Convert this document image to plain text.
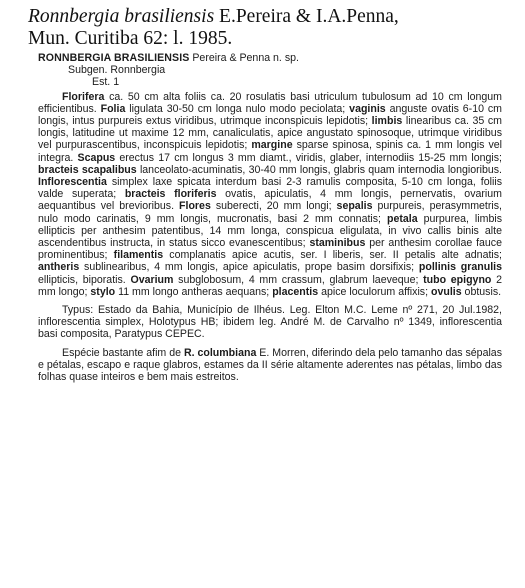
Ronnbergia brasiliensis E.Pereira & I.A.Penna,
Mun. Curitiba 62: l. 1985.
RONNBERGIA BRASILIENSIS Pereira & Penna n. sp.
Subgen. Ronnbergia
Est. 1
Florifera ca. 50 cm alta foliis ca. 20 rosulatis basi utriculum tubulosum ad 10 cm longum efficientibus. Folia ligulata 30-50 cm longa nulo modo peciolata; vaginis anguste ovatis 6-10 cm longis, intus purpureis extus viridibus, utrimque inconspicuis lepidotis; limbis linearibus ca. 35 cm longis, latitudine ut maxime 12 mm, canaliculatis, apice angustato spinosoque, utrimque viridibus vel purpurascentibus, inconspicuis lepidotis; margine sparse spinosa, spinis ca. 1 mm longis vel integra. Scapus erectus 17 cm longus 3 mm diamt., viridis, glaber, internodiis 15-25 mm longis; bracteis scapalibus lanceolato-acuminatis, 30-40 mm longis, glabris quam internodia longioribus. Inflorescentia simplex laxe spicata interdum basi 2-3 ramulis composita, 5-10 cm longa, foliis valde superata; bracteis floriferis ovatis, apiculatis, 4 mm longis, pernervatis, ovarium aequantibus vel brevioribus. Flores suberecti, 20 mm longi; sepalis purpureis, perasymmetris, nulo modo carinatis, 9 mm longis, mucronatis, basi 2 mm connatis; petala purpurea, limbis ellipticis per anthesim patentibus, 14 mm longa, conspicua eligulata, in vivo callis binis alte ascendentibus instructa, in status sicco evanescentibus; staminibus per anthesim corollae fauce prominentibus; filamentis complanatis apice acutis, ser. I liberis, ser. II petalis alte adnatis; antheris sublinearibus, 4 mm longis, apice apiculatis, prope basim dorsifixis; pollinis granulis ellipticis, biporatis. Ovarium subglobosum, 4 mm crassum, glabrum laeveque; tubo epigyno 2 mm longo; stylo 11 mm longo antheras aequans; placentis apice loculorum affixis; ovulis obtusis.
Typus: Estado da Bahia, Município de Ilhéus. Leg. Elton M.C. Leme nº 271, 20 Jul.1982, inflorescentia simplex, Holotypus HB; ibidem leg. André M. de Carvalho nº 1349, inflorescentia basi composita, Paratypus CEPEC.
Espécie bastante afim de R. columbiana E. Morren, diferindo dela pelo tamanho das sépalas e pétalas, escapo e raque glabros, estames da II série altamente aderentes nas pétalas, limbo das folhas quase inteiros e bem mais estreitos.
